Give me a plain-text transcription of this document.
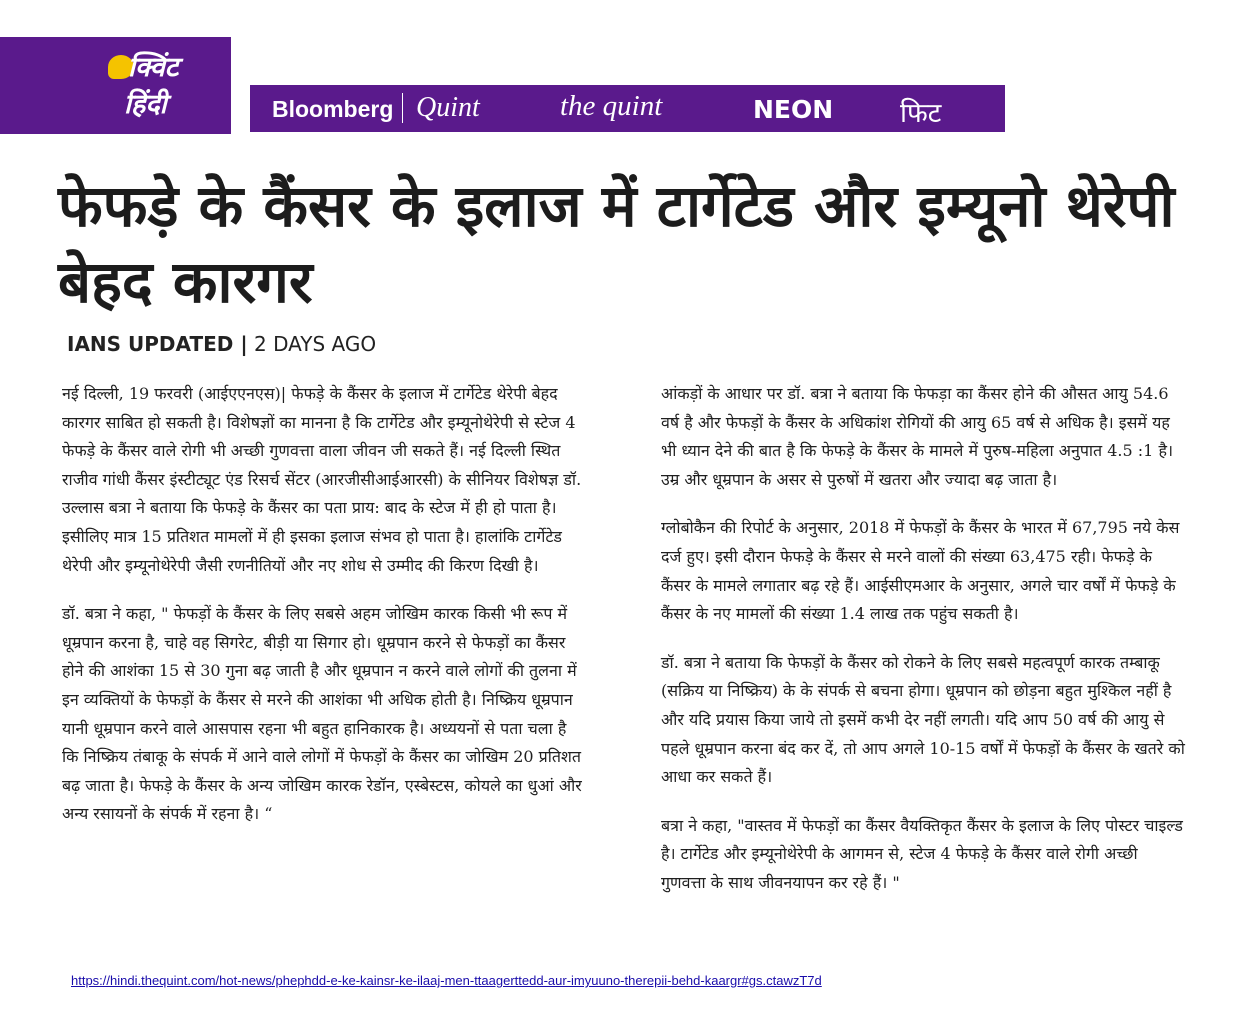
क्विंट
हिंदी	Bloomberg Quint	the quint	NEON फिट
फेफड़े के कैंसर के इलाज में टार्गेटेड और इम्यूनो थेरेपी बेहद कारगर

IANS UPDATED | 2 DAYS AGO

नई दिल्ली, 19 फरवरी (आईएएनएस)| फेफड़े के कैंसर के इलाज में टार्गेटेड थेरेपी बेहद कारगर साबित हो सकती है। विशेषज्ञों का मानना है कि टार्गेटेड और इम्यूनोथेरेपी से स्टेज 4 फेफड़े के कैंसर वाले रोगी भी अच्छी गुणवत्ता वाला जीवन जी सकते हैं। नई दिल्ली स्थित राजीव गांधी कैंसर इंस्टीट्यूट एंड रिसर्च सेंटर (आरजीसीआईआरसी) के सीनियर विशेषज्ञ डॉ. उल्लास बत्रा ने बताया कि फेफड़े के कैंसर का पता प्राय: बाद के स्टेज में ही हो पाता है। इसीलिए मात्र 15 प्रतिशत मामलों में ही इसका इलाज संभव हो पाता है। हालांकि टार्गेटेड थेरेपी और इम्यूनोथेरेपी जैसी रणनीतियों और नए शोध से उम्मीद की किरण दिखी है।

डॉ. बत्रा ने कहा, " फेफड़ों के कैंसर के लिए सबसे अहम जोखिम कारक किसी भी रूप में धूम्रपान करना है, चाहे वह सिगरेट, बीड़ी या सिगार हो। धूम्रपान करने से फेफड़ों का कैंसर होने की आशंका 15 से 30 गुना बढ़ जाती है और धूम्रपान न करने वाले लोगों की तुलना में इन व्यक्तियों के फेफड़ों के कैंसर से मरने की आशंका भी अधिक होती है। निष्क्रिय धूम्रपान यानी धूम्रपान करने वाले आसपास रहना भी बहुत हानिकारक है। अध्ययनों से पता चला है कि निष्क्रिय तंबाकू के संपर्क में आने वाले लोगों में फेफड़ों के कैंसर का जोखिम 20 प्रतिशत बढ़ जाता है। फेफड़े के कैंसर के अन्य जोखिम कारक रेडॉन, एस्बेस्टस, कोयले का धुआं और अन्य रसायनों के संपर्क में रहना है। “

आंकड़ों के आधार पर डॉ. बत्रा ने बताया कि फेफड़ा का कैंसर होने की औसत आयु 54.6 वर्ष है और फेफड़ों के कैंसर के अधिकांश रोगियों की आयु 65 वर्ष से अधिक है। इसमें यह भी ध्यान देने की बात है कि फेफड़े के कैंसर के मामले में पुरुष-महिला अनुपात 4.5 :1 है। उम्र और धूम्रपान के असर से पुरुषों में खतरा और ज्यादा बढ़ जाता है।

ग्लोबोकैन की रिपोर्ट के अनुसार, 2018 में फेफड़ों के कैंसर के भारत में 67,795 नये केस दर्ज हुए। इसी दौरान फेफड़े के कैंसर से मरने वालों की संख्या 63,475 रही। फेफड़े के कैंसर के मामले लगातार बढ़ रहे हैं। आईसीएमआर के अनुसार, अगले चार वर्षों में फेफड़े के कैंसर के नए मामलों की संख्या 1.4 लाख तक पहुंच सकती है।

डॉ. बत्रा ने बताया कि फेफड़ों के कैंसर को रोकने के लिए सबसे महत्वपूर्ण कारक तम्बाकू (सक्रिय या निष्क्रिय) के के संपर्क से बचना होगा। धूम्रपान को छोड़ना बहुत मुश्किल नहीं है और यदि प्रयास किया जाये तो इसमें कभी देर नहीं लगती। यदि आप 50 वर्ष की आयु से पहले धूम्रपान करना बंद कर दें, तो आप अगले 10-15 वर्षों में फेफड़ों के कैंसर के खतरे को आधा कर सकते हैं।

बत्रा ने कहा, "वास्तव में फेफड़ों का कैंसर वैयक्तिकृत कैंसर के इलाज के लिए पोस्टर चाइल्ड है। टार्गेटेड और इम्यूनोथेरेपी के आगमन से, स्टेज 4 फेफड़े के कैंसर वाले रोगी अच्छी गुणवत्ता के साथ जीवनयापन कर रहे हैं। "

https://hindi.thequint.com/hot-news/phephdd-e-ke-kainsr-ke-ilaaj-men-ttaagerttedd-aur-imyuuno-therepii-behd-kaargr#gs.ctawzT7d
